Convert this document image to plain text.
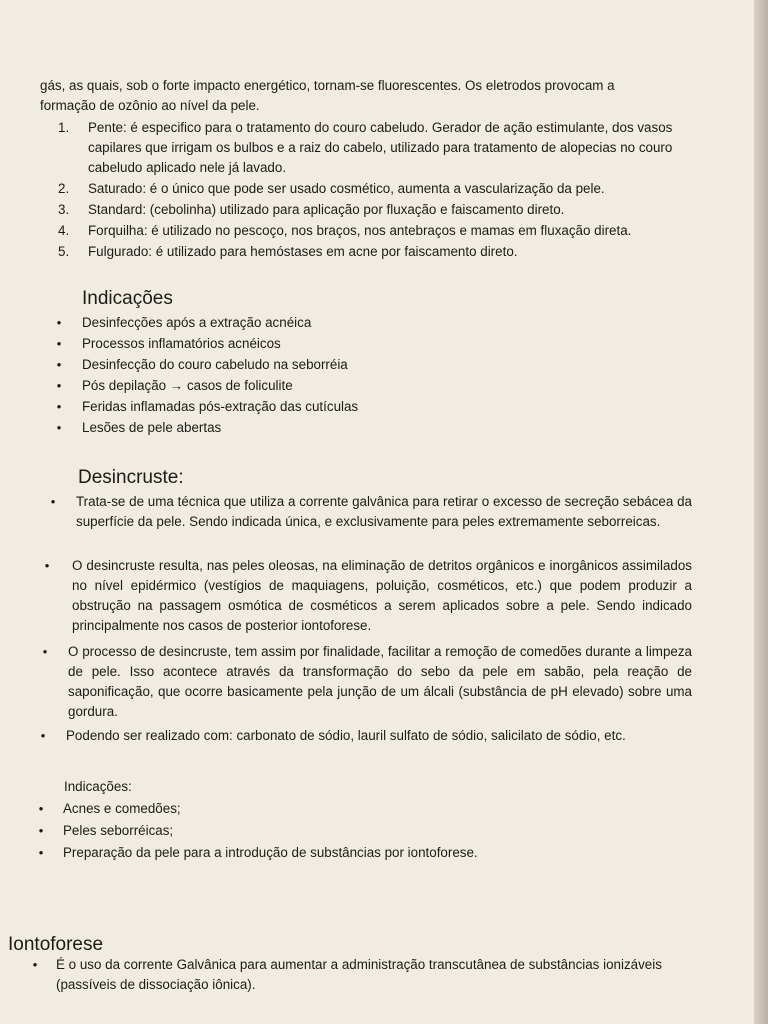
gás, as quais, sob o forte impacto energético, tornam-se fluorescentes. Os eletrodos provocam a

formação de ozônio ao nível da pele.

1.	Pente: é especifico para o tratamento do couro cabeludo. Gerador de ação estimulante, dos vasos capilares que irrigam os bulbos e a raiz do cabelo, utilizado para tratamento de alopecias no couro cabeludo aplicado nele já lavado.
2.	Saturado: é o único que pode ser usado cosmético, aumenta a vascularização da pele.
3.	Standard: (cebolinha) utilizado para aplicação por fluxação e faiscamento direto.
4.	Forquilha: é utilizado no pescoço, nos braços, nos antebraços e mamas em fluxação direta.
5.	Fulgurado: é utilizado para hemóstases em acne por faiscamento direto.
Indicações
•	Desinfecções após a extração acnéica
•	Processos inflamatórios acnéicos
•	Desinfecção do couro cabeludo na seborréia
•	Pós depilação → casos de foliculite
•	Feridas inflamadas pós-extração das cutículas
•	Lesões de pele abertas
Desincruste:
•	Trata-se de uma técnica que utiliza a corrente galvânica para retirar o excesso de secreção sebácea da superfície da pele. Sendo indicada única, e exclusivamente para peles extremamente seborreicas.
•	O desincruste resulta, nas peles oleosas, na eliminação de detritos orgânicos e inorgânicos assimilados no nível epidérmico (vestígios de maquiagens, poluição, cosméticos, etc.) que podem produzir a obstrução na passagem osmótica de cosméticos a serem aplicados sobre a pele. Sendo indicado principalmente nos casos de posterior iontoforese.
•	O processo de desincruste, tem assim por finalidade, facilitar a remoção de comedões durante a limpeza de pele. Isso acontece através da transformação do sebo da pele em sabão, pela reação de saponificação, que ocorre basicamente pela junção de um álcali (substância de pH elevado) sobre uma gordura.
•	Podendo ser realizado com: carbonato de sódio, lauril sulfato de sódio, salicilato de sódio, etc.
Indicações:
•	Acnes e comedões;
•	Peles seborréicas;
•	Preparação da pele para a introdução de substâncias por iontoforese.
Iontoforese
•	É o uso da corrente Galvânica para aumentar a administração transcutânea de substâncias ionizáveis (passíveis de dissociação iônica).
